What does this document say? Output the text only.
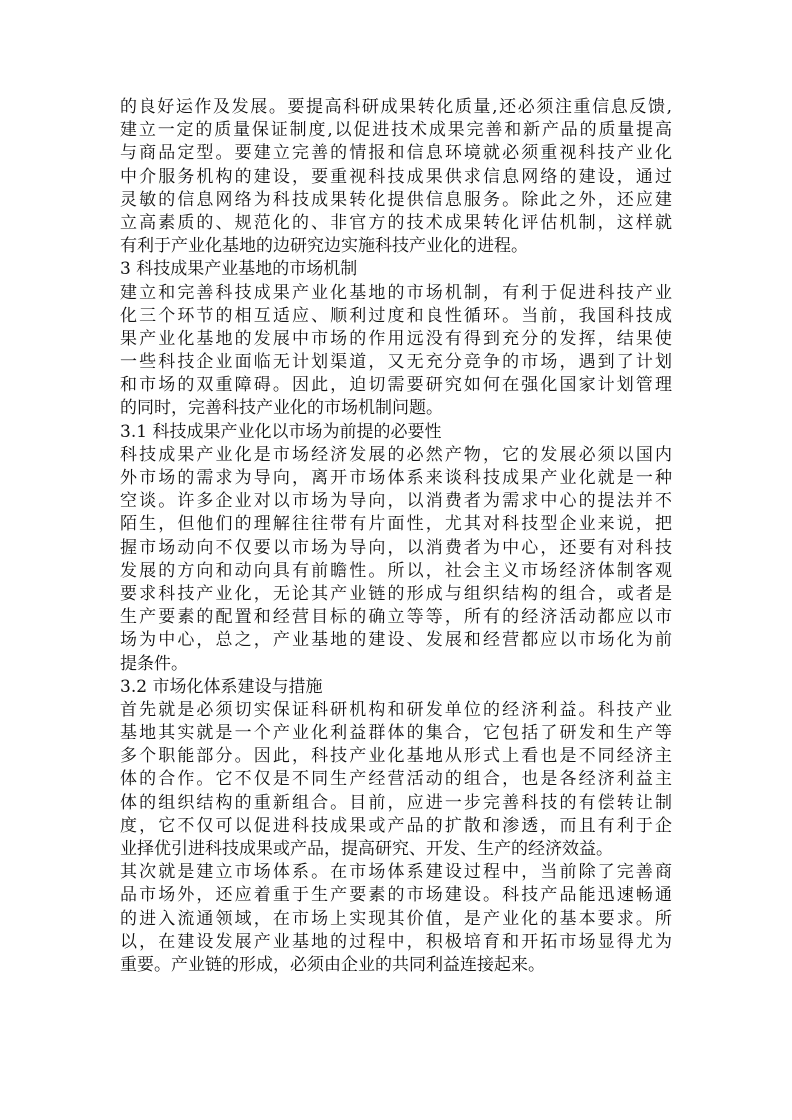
的良好运作及发展。要提高科研成果转化质量,还必须注重信息反馈,
建立一定的质量保证制度,以促进技术成果完善和新产品的质量提高
与商品定型。要建立完善的情报和信息环境就必须重视科技产业化
中介服务机构的建设，要重视科技成果供求信息网络的建设，通过
灵敏的信息网络为科技成果转化提供信息服务。除此之外，还应建
立高素质的、规范化的、非官方的技术成果转化评估机制，这样就
有利于产业化基地的边研究边实施科技产业化的进程。
3 科技成果产业基地的市场机制
建立和完善科技成果产业化基地的市场机制，有利于促进科技产业
化三个环节的相互适应、顺利过度和良性循环。当前，我国科技成
果产业化基地的发展中市场的作用远没有得到充分的发挥，结果使
一些科技企业面临无计划渠道，又无充分竞争的市场，遇到了计划
和市场的双重障碍。因此，迫切需要研究如何在强化国家计划管理
的同时，完善科技产业化的市场机制问题。
3.1 科技成果产业化以市场为前提的必要性
科技成果产业化是市场经济发展的必然产物，它的发展必须以国内
外市场的需求为导向，离开市场体系来谈科技成果产业化就是一种
空谈。许多企业对以市场为导向，以消费者为需求中心的提法并不
陌生，但他们的理解往往带有片面性，尤其对科技型企业来说，把
握市场动向不仅要以市场为导向，以消费者为中心，还要有对科技
发展的方向和动向具有前瞻性。所以，社会主义市场经济体制客观
要求科技产业化，无论其产业链的形成与组织结构的组合，或者是
生产要素的配置和经营目标的确立等等，所有的经济活动都应以市
场为中心，总之，产业基地的建设、发展和经营都应以市场化为前
提条件。
3.2 市场化体系建设与措施
首先就是必须切实保证科研机构和研发单位的经济利益。科技产业
基地其实就是一个产业化利益群体的集合，它包括了研发和生产等
多个职能部分。因此，科技产业化基地从形式上看也是不同经济主
体的合作。它不仅是不同生产经营活动的组合，也是各经济利益主
体的组织结构的重新组合。目前，应进一步完善科技的有偿转让制
度，它不仅可以促进科技成果或产品的扩散和渗透，而且有利于企
业择优引进科技成果或产品，提高研究、开发、生产的经济效益。
其次就是建立市场体系。在市场体系建设过程中，当前除了完善商
品市场外，还应着重于生产要素的市场建设。科技产品能迅速畅通
的进入流通领域，在市场上实现其价值，是产业化的基本要求。所
以，在建设发展产业基地的过程中，积极培育和开拓市场显得尤为
重要。产业链的形成，必须由企业的共同利益连接起来。
